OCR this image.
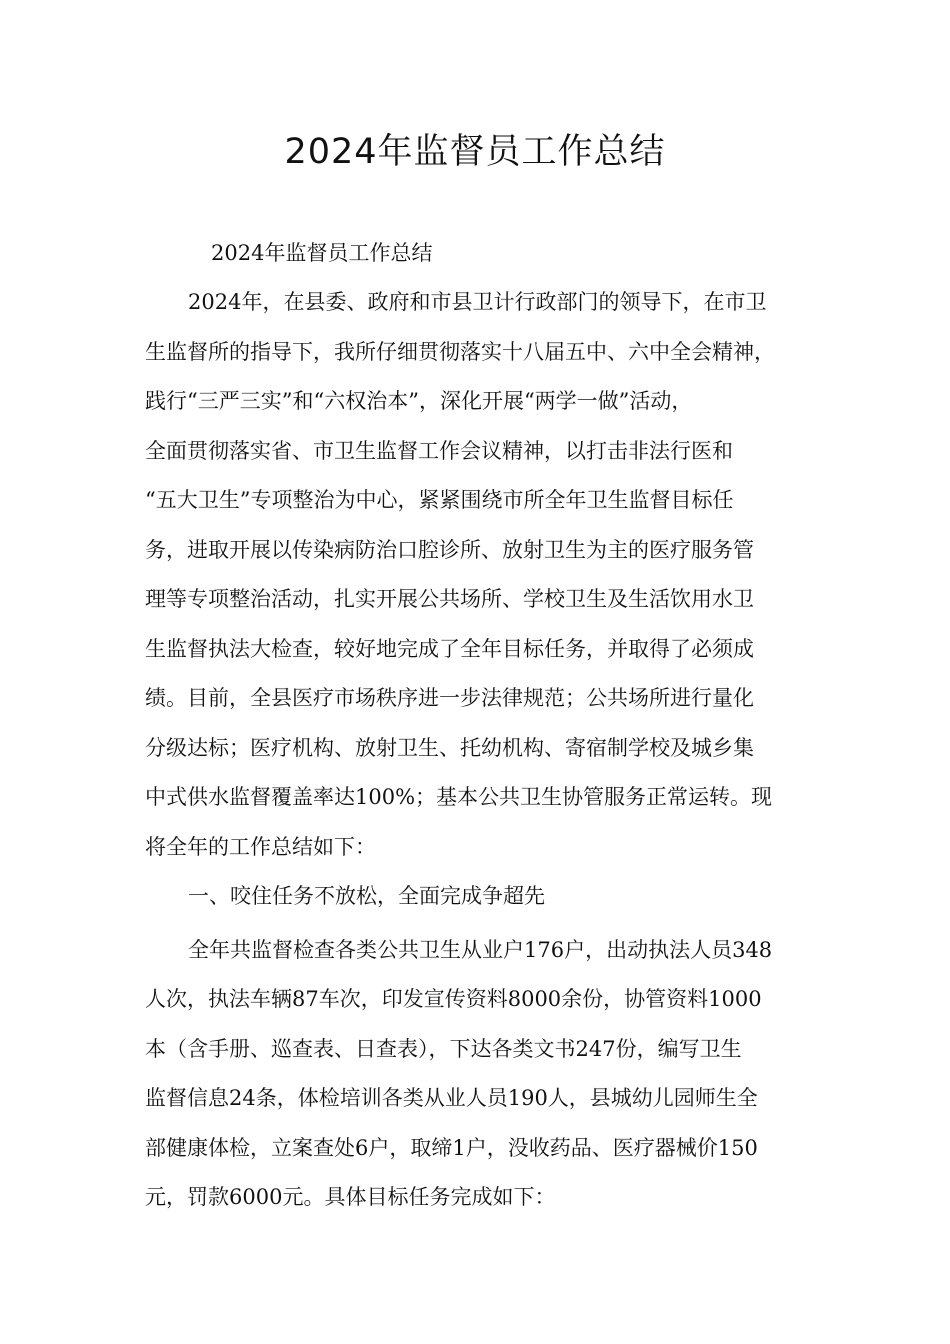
2024年监督员工作总结

2024年监督员工作总结

2024年，在县委、政府和市县卫计行政部门的领导下，在市卫

生监督所的指导下，我所仔细贯彻落实十八届五中、六中全会精神，

践行“三严三实”和“六权治本”，深化开展“两学一做”活动，

全面贯彻落实省、市卫生监督工作会议精神，以打击非法行医和

“五大卫生”专项整治为中心，紧紧围绕市所全年卫生监督目标任

务，进取开展以传染病防治口腔诊所、放射卫生为主的医疗服务管

理等专项整治活动，扎实开展公共场所、学校卫生及生活饮用水卫

生监督执法大检查，较好地完成了全年目标任务，并取得了必须成

绩。目前，全县医疗市场秩序进一步法律规范；公共场所进行量化

分级达标；医疗机构、放射卫生、托幼机构、寄宿制学校及城乡集

中式供水监督覆盖率达100%；基本公共卫生协管服务正常运转。现

将全年的工作总结如下：

一、咬住任务不放松，全面完成争超先

全年共监督检查各类公共卫生从业户176户，出动执法人员348

人次，执法车辆87车次，印发宣传资料8000余份，协管资料1000

本（含手册、巡查表、日查表），下达各类文书247份，编写卫生

监督信息24条，体检培训各类从业人员190人，县城幼儿园师生全

部健康体检，立案查处6户，取缔1户，没收药品、医疗器械价150

元，罚款6000元。具体目标任务完成如下：
